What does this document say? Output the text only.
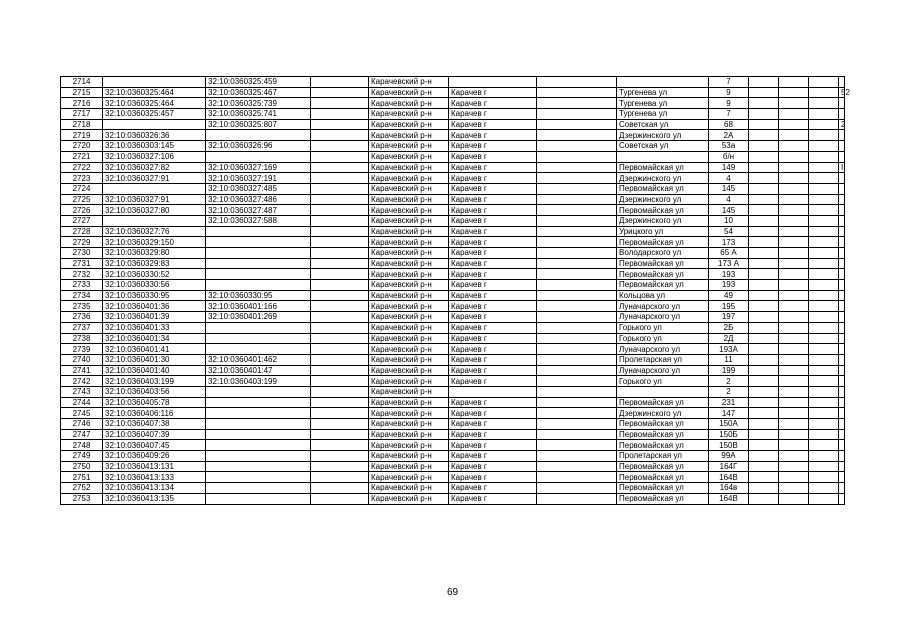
2714		32:10:0360325:459		Карачевский р-н				7				
2715	32:10:0360325:464	32:10:0360325:467		Карачевский р-н	Карачев г		Тургенева ул	9				52
2716	32:10:0360325:464	32:10:0360325:739		Карачевский р-н	Карачев г		Тургенева ул	9				
2717	32:10:0360325:457	32:10:0360325:741		Карачевский р-н	Карачев г		Тургенева ул	7				
2718		32:10:0360325:807		Карачевский р-н	Карачев г		Советская ул	68				2
2719	32:10:0360326:36			Карачевский р-н	Карачев г		Дзержинского ул	2А				
2720	32:10:0360303:145	32:10:0360326:96		Карачевский р-н	Карачев г		Советская ул	53а				
2721	32:10:0360327:106			Карачевский р-н	Карачев г			б/н				
2722	32:10:0360327:82	32:10:0360327:169		Карачевский р-н	Карачев г		Первомайская ул	149				I
2723	32:10:0360327:91	32:10:0360327:191		Карачевский р-н	Карачев г		Дзержинского ул	4				
2724		32:10:0360327:485		Карачевский р-н	Карачев г		Первомайская ул	145				
2725	32:10:0360327:91	32:10:0360327:486		Карачевский р-н	Карачев г		Дзержинского ул	4				
2726	32:10:0360327:80	32:10:0360327:487		Карачевский р-н	Карачев г		Первомайская ул	145				
2727		32:10:0360327:588		Карачевский р-н	Карачев г		Дзержинского ул	10				
2728	32:10:0360327:76			Карачевский р-н	Карачев г		Урицкого ул	54				
2729	32:10:0360329:150			Карачевский р-н	Карачев г		Первомайская ул	173				
2730	32:10:0360329:80			Карачевский р-н	Карачев г		Володарского ул	65 А				
2731	32:10:0360329:83			Карачевский р-н	Карачев г		Первомайская ул	173 А				
2732	32:10:0360330:52			Карачевский р-н	Карачев г		Первомайская ул	193				
2733	32:10:0360330:56			Карачевский р-н	Карачев г		Первомайская ул	193				
2734	32:10:0360330:95	32:10:0360330:95		Карачевский р-н	Карачев г		Кольцова ул	49				
2735	32:10:0360401:36	32:10:0360401:166		Карачевский р-н	Карачев г		Луначарского ул	195				
2736	32:10:0360401:39	32:10:0360401:269		Карачевский р-н	Карачев г		Луначарского ул	197				
2737	32:10:0360401:33			Карачевский р-н	Карачев г		Горького ул	2Б				
2738	32:10:0360401:34			Карачевский р-н	Карачев г		Горького ул	2Д				
2739	32:10:0360401:41			Карачевский р-н	Карачев г		Луначарского ул	193А				
2740	32:10:0360401:30	32:10:0360401:462		Карачевский р-н	Карачев г		Пролетарская ул	11				
2741	32:10:0360401:40	32:10:0360401:47		Карачевский р-н	Карачев г		Луначарского ул	199				
2742	32:10:0360403:199	32:10:0360403:199		Карачевский р-н	Карачев г		Горького ул	2				
2743	32:10:0360403:56			Карачевский р-н				2				
2744	32:10:0360405:78			Карачевский р-н	Карачев г		Первомайская ул	231				
2745	32:10:0360406:116			Карачевский р-н	Карачев г		Дзержинского ул	147				
2746	32:10:0360407:38			Карачевский р-н	Карачев г		Первомайская ул	150А				
2747	32:10:0360407:39			Карачевский р-н	Карачев г		Первомайская ул	150Б				
2748	32:10:0360407:45			Карачевский р-н	Карачев г		Первомайская ул	150В				
2749	32:10:0360409:26			Карачевский р-н	Карачев г		Пролетарская ул	99А				
2750	32:10:0360413:131			Карачевский р-н	Карачев г		Первомайская ул	164Г				
2751	32:10:0360413:133			Карачевский р-н	Карачев г		Первомайская ул	164В				
2752	32:10:0360413:134			Карачевский р-н	Карачев г		Первомайская ул	164в				
2753	32:10:0360413:135			Карачевский р-н	Карачев г		Первомайская ул	164В				
69
